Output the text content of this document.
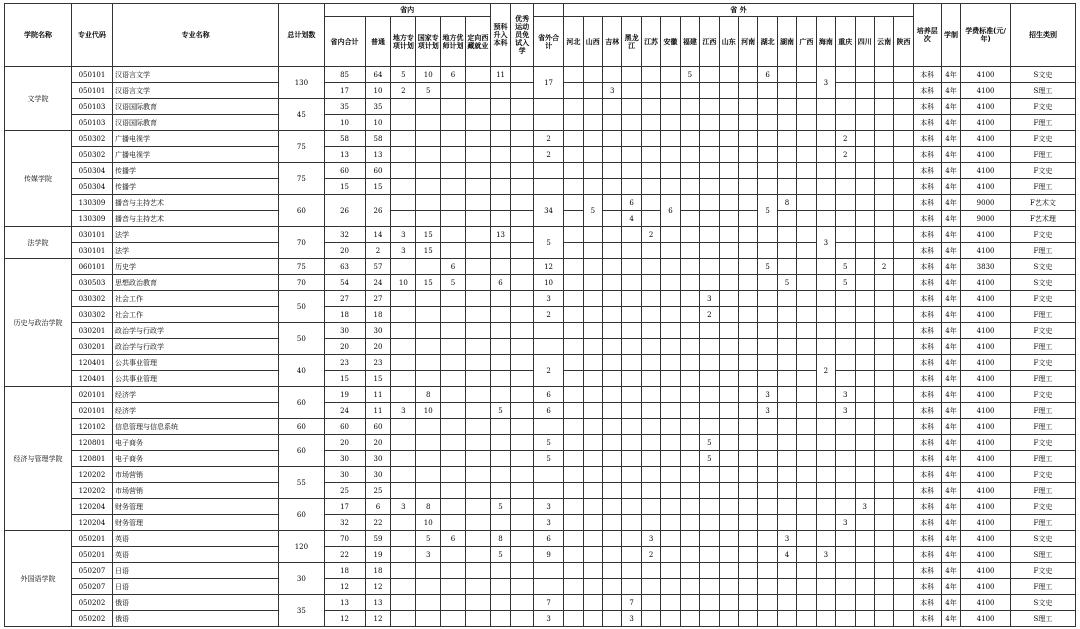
学院名称	专业代码	专业名称	总计划数	省内						预科升入本科	优秀运动员免试入学		省 外																		培养层次	学制	学费标准(元/年)	招生类别
				省内合计	普通	地方专项计划	国家专项计划	地方优师计划	定向西藏就业			省外合计	河北	山西	吉林	黑龙江	江苏	安徽	福建	江西	山东	河南	湖北	湖南	广西	海南	重庆	四川	云南	陕西				
文学院	050101	汉语言文学	130	85	64	5	10	6		11		17							5				6			3					本科	4年	4100	S文史
	050101	汉语言文学		17	10	2	5								3																本科	4年	4100	S理工
	050103	汉语国际教育	45	35	35																										本科	4年	4100	F文史
	050103	汉语国际教育		10	10																										本科	4年	4100	F理工
传媒学院	050302	广播电视学	75	58	58							2															2				本科	4年	4100	F文史
	050302	广播电视学		13	13							2															2				本科	4年	4100	F理工
	050304	传播学	75	60	60																										本科	4年	4100	F文史
	050304	传播学		15	15																										本科	4年	4100	F理工
	130309	播音与主持艺术	60	26	26							34		5		6		6					5	8							本科	4年	9000	F艺术文
	130309	播音与主持艺术														4															本科	4年	9000	F艺术理
法学院	030101	法学	70	32	14	3	15			13		5					2									3					本科	4年	4100	F文史
	030101	法学		20	2	3	15																								本科	4年	4100	F理工
历史与政治学院	060101	历史学	75	63	57			6				12											5				5		2		本科	4年	3830	S文史
	030503	思想政治教育	70	54	24	10	15	5		6		10												5			5				本科	4年	4100	S文史
	030302	社会工作	50	27	27							3								3											本科	4年	4100	F文史
	030302	社会工作		18	18							2								2											本科	4年	4100	F理工
	030201	政治学与行政学	50	30	30																										本科	4年	4100	F文史
	030201	政治学与行政学		20	20																										本科	4年	4100	F理工
	120401	公共事业管理	40	23	23							2														2					本科	4年	4100	F文史
	120401	公共事业管理		15	15																										本科	4年	4100	F理工
经济与管理学院	020101	经济学	60	19	11		8					6											3				3				本科	4年	4100	F文史
	020101	经济学		24	11	3	10			5		6											3				3				本科	4年	4100	F理工
	120102	信息管理与信息系统	60	60	60																										本科	4年	4100	F理工
	120801	电子商务	60	20	20							5								5											本科	4年	4100	F文史
	120801	电子商务		30	30							5								5											本科	4年	4100	F理工
	120202	市场营销	55	30	30																										本科	4年	4100	F文史
	120202	市场营销		25	25																										本科	4年	4100	F理工
	120204	财务管理	60	17	6	3	8			5		3																3			本科	4年	4100	F文史
	120204	财务管理		32	22		10					3															3				本科	4年	4100	F理工
外国语学院	050201	英语	120	70	59		5	6		8		6					3							3							本科	4年	4100	S文史
	050201	英语		22	19		3			5		9					2							4		3					本科	4年	4100	S理工
	050207	日语	30	18	18																										本科	4年	4100	F文史
	050207	日语		12	12																										本科	4年	4100	F理工
	050202	俄语	35	13	13							7				7															本科	4年	4100	S文史
	050202	俄语		12	12							3				3															本科	4年	4100	S理工
